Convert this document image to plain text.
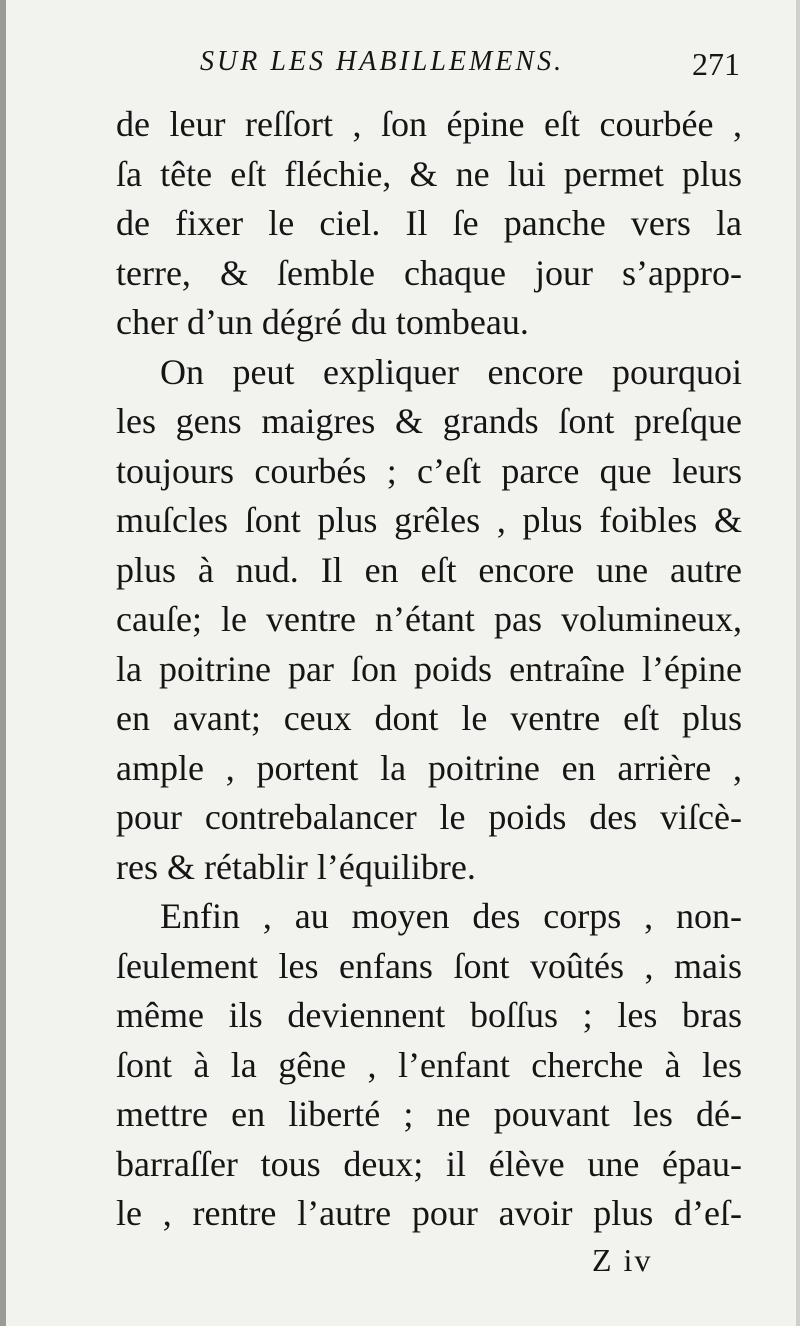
SUR LES HABILLEMENS.	271
de leur reſſort , ſon épine eſt courbée ,
ſa tête eſt fléchie, & ne lui permet plus
de fixer le ciel. Il ſe panche vers la
terre, & ſemble chaque jour s’appro-
cher d’un dégré du tombeau.
On peut expliquer encore pourquoi
les gens maigres & grands ſont preſque
toujours courbés ; c’eſt parce que leurs
muſcles ſont plus grêles , plus foibles &
plus à nud. Il en eſt encore une autre
cauſe; le ventre n’étant pas volumineux,
la poitrine par ſon poids entraîne l’épine
en avant; ceux dont le ventre eſt plus
ample , portent la poitrine en arrière ,
pour contrebalancer le poids des viſcè-
res & rétablir l’équilibre.
Enfin , au moyen des corps , non-
ſeulement les enfans ſont voûtés , mais
même ils deviennent boſſus ; les bras
ſont à la gêne , l’enfant cherche à les
mettre en liberté ; ne pouvant les dé-
barraſſer tous deux; il élève une épau-
le , rentre l’autre pour avoir plus d’eſ-
Z iv
